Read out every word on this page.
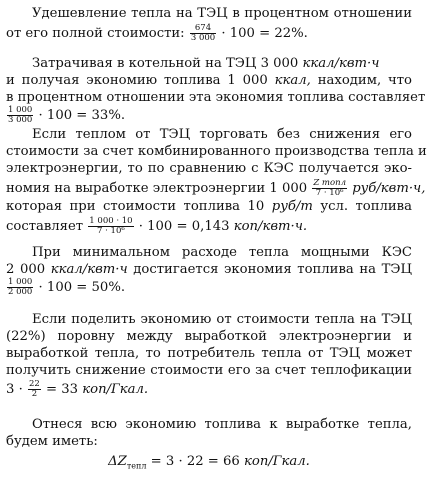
Удешевление тепла на ТЭЦ в процентном отношении
от его полной стоимости: $\frac{674}{3 000} \cdot 100 = 22\%$.
Затрачивая в котельной на ТЭЦ 3 000 ккал/квт·ч
и получая экономию топлива 1 000 ккал, находим, что
в процентном отношении эта экономия топлива составляет
$\frac{1 000}{3 000} \cdot 100 = 33\%$.
Если теплом от ТЭЦ торговать без снижения его
стоимости за счет комбинированного производства тепла и
электроэнергии, то по сравнению с КЭС получается эко-
номия на выработке электроэнергии 1 $000 \frac{\text{Z топл}}{\text{7 · 10⁶}} руб/квт\cdot ч$,
которая при стоимости топлива 10 руб/т усл. топлива
составляет $\frac{1 000 \cdot 10}{\text{7 · 10⁶}} \cdot 100 = 0,143$ коп/квт·ч.
При минимальном расходе тепла мощными КЭС
2 000 ккал/квт·ч достигается экономия топлива на ТЭЦ
$\frac{1 000}{2 000} \cdot 100 = 50\%$.
Если поделить экономию от стоимости тепла на ТЭЦ
(22%) поровну между выработкой электроэнергии и
выработкой тепла, то потребитель тепла от ТЭЦ может
получить снижение стоимости его за счет теплофикации
$3 \cdot \frac{22}{2} = 33$ коп/Гкал.
Отнеся всю экономию топлива к выработке тепла,
будем иметь:
$\Delta Z_{тепл} = 3 \cdot 22 = 66$ коп/Гкал.
